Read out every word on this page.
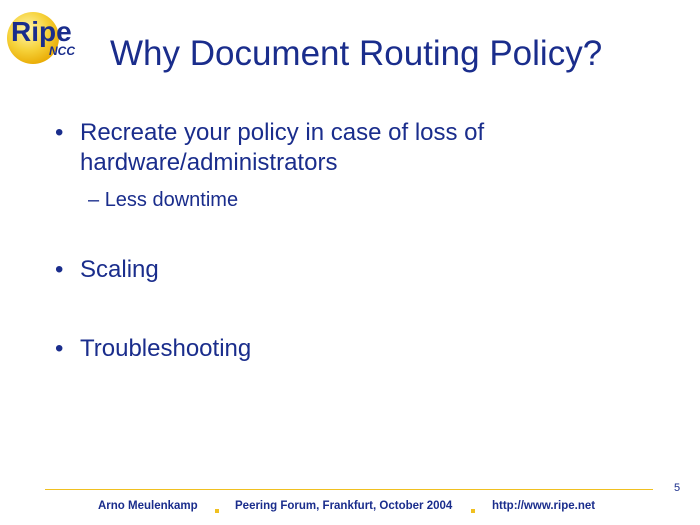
Ripe
NCC Why Document Routing Policy?
• Recreate your policy in case of loss of hardware/administrators
• Scaling
• Troubleshooting
– Less downtime
5
Arno Meulenkamp	Peering Forum, Frankfurt, October 2004	http://www.ripe.net
